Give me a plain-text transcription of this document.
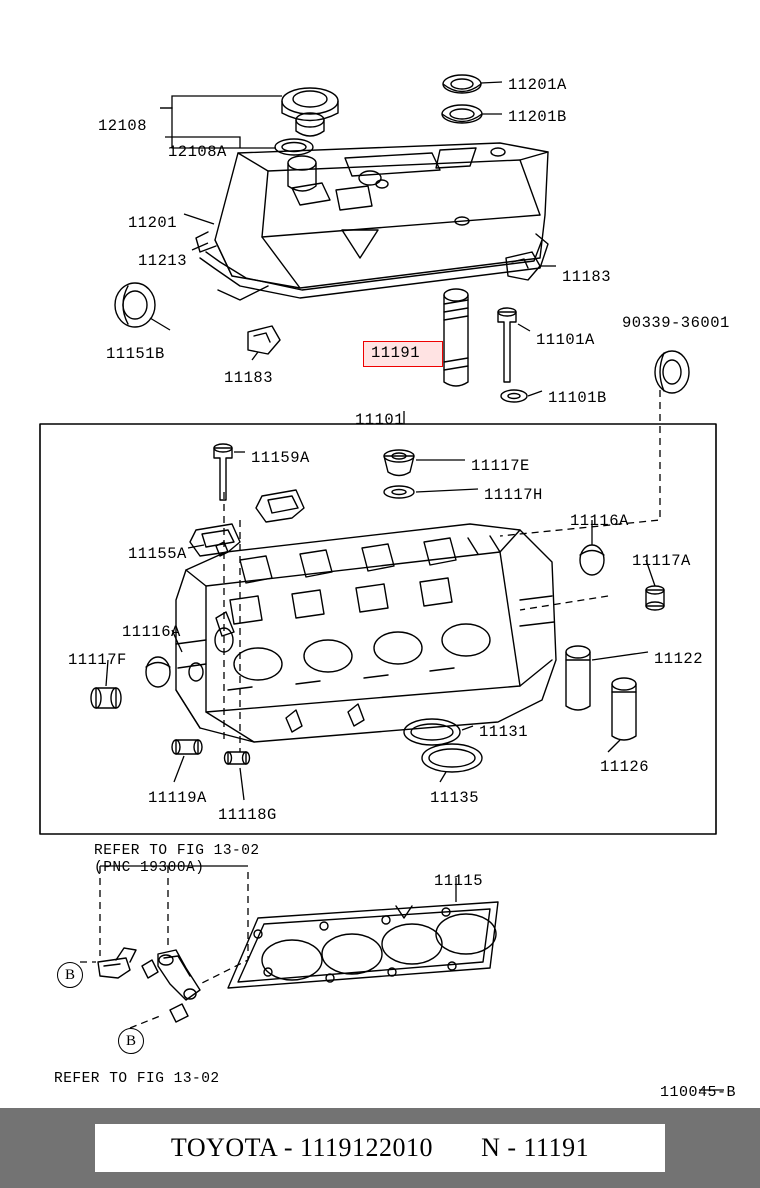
11191
12108
12108A
11201A
11201B
11201
11213
11183
11151B
11183
11101A
90339-36001
11101B
11101
11159A	11117E
11117H
11116A
11117A
11155A
11116A
11117F	11122
11131
11126
11135
11119A
11118G
11115
REFER TO FIG 13-02
(PNC 19300A)
REFER TO FIG 13-02
B
B
110045-B
TOYOTA - 1119122010 N - 11191
